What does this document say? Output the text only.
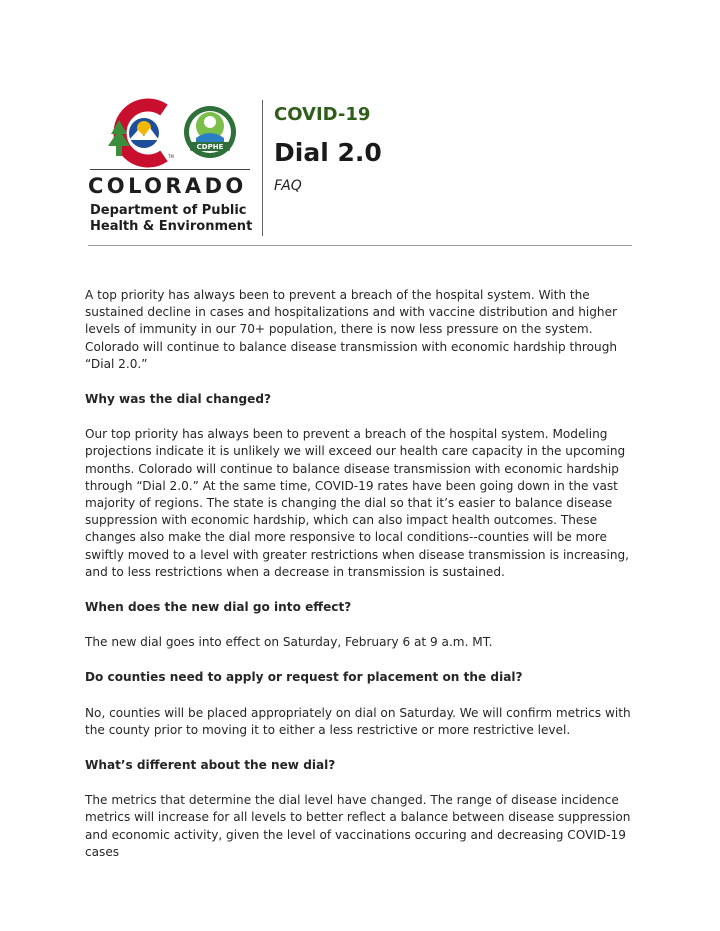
TM
CDPHE
COLORADO
Department of Public Health & Environment

COVID-19

Dial 2.0

FAQ

A top priority has always been to prevent a breach of the hospital system. With the sustained decline in cases and hospitalizations and with vaccine distribution and higher levels of immunity in our 70+ population, there is now less pressure on the system. Colorado will continue to balance disease transmission with economic hardship through “Dial 2.0.”

Why was the dial changed?

Our top priority has always been to prevent a breach of the hospital system. Modeling projections indicate it is unlikely we will exceed our health care capacity in the upcoming months. Colorado will continue to balance disease transmission with economic hardship through “Dial 2.0.” At the same time, COVID-19 rates have been going down in the vast majority of regions. The state is changing the dial so that it’s easier to balance disease suppression with economic hardship, which can also impact health outcomes. These changes also make the dial more responsive to local conditions--counties will be more swiftly moved to a level with greater restrictions when disease transmission is increasing, and to less restrictions when a decrease in transmission is sustained.

When does the new dial go into effect?

The new dial goes into effect on Saturday, February 6 at 9 a.m. MT.

Do counties need to apply or request for placement on the dial?

No, counties will be placed appropriately on dial on Saturday. We will confirm metrics with the county prior to moving it to either a less restrictive or more restrictive level.

What’s different about the new dial?

The metrics that determine the dial level have changed. The range of disease incidence metrics will increase for all levels to better reflect a balance between disease suppression and economic activity, given the level of vaccinations occuring and decreasing COVID-19 cases
